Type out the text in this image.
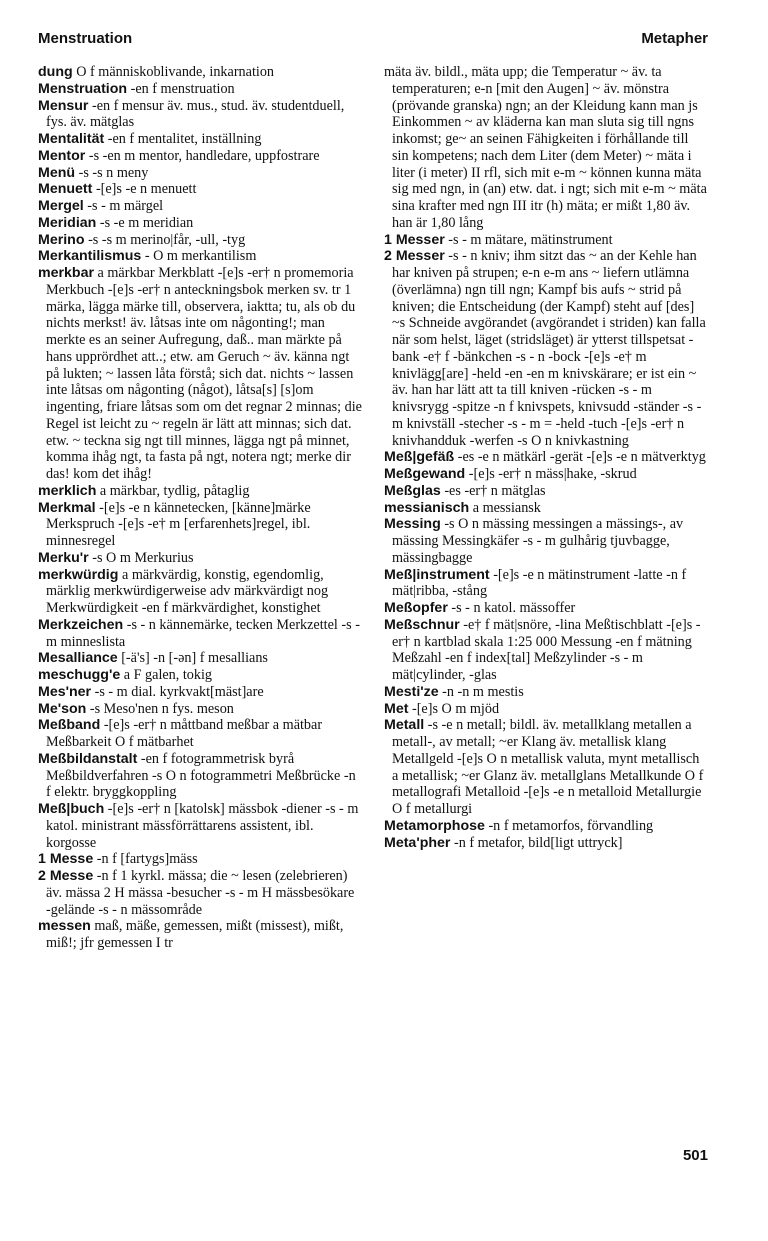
Menstruation	Metapher

dung O f människoblivande, inkarnation

Menstruation -en f menstruation

Mensur -en f mensur äv. mus., stud. äv. studentduell, fys. äv. mätglas

Mentalität -en f mentalitet, inställning

Mentor -s -en m mentor, handledare, uppfostrare

Menü -s -s n meny

Menuett -[e]s -e n menuett

Mergel -s - m märgel

Meridian -s -e m meridian

Merino -s -s m merino|får, -ull, -tyg

Merkantilismus - O m merkantilism

merkbar a märkbar Merkblatt -[e]s -er† n promemoria Merkbuch -[e]s -er† n anteckningsbok merken sv. tr 1 märka, lägga märke till, observera, iaktta; tu, als ob du nichts merkst! äv. låtsas inte om någonting!; man merkte es an seiner Aufregung, daß.. man märkte på hans upprördhet att..; etw. am Geruch ~ äv. känna ngt på lukten; ~ lassen låta förstå; sich dat. nichts ~ lassen inte låtsas om någonting (något), låtsa[s] [s]om ingenting, friare låtsas som om det regnar 2 minnas; die Regel ist leicht zu ~ regeln är lätt att minnas; sich dat. etw. ~ teckna sig ngt till minnes, lägga ngt på minnet, komma ihåg ngt, ta fasta på ngt, notera ngt; merke dir das! kom det ihåg!

merklich a märkbar, tydlig, påtaglig

Merkmal -[e]s -e n kännetecken, [känne]märke Merkspruch -[e]s -e† m [erfarenhets]regel, ibl. minnesregel

Merku'r -s O m Merkurius

merkwürdig a märkvärdig, konstig, egendomlig, märklig merkwürdigerweise adv märkvärdigt nog Merkwürdigkeit -en f märkvärdighet, konstighet

Merkzeichen -s - n kännemärke, tecken Merkzettel -s - m minneslista

Mesalliance [-ä's] -n [-ən] f mesallians

meschugg'e a F galen, tokig

Mes'ner -s - m dial. kyrkvakt[mäst]are

Me'son -s Meso'nen n fys. meson

Meßband -[e]s -er† n måttband meßbar a mätbar Meßbarkeit O f mätbarhet

Meßbildanstalt -en f fotogrammetrisk byrå Meßbildverfahren -s O n fotogrammetri Meßbrücke -n f elektr. bryggkoppling

Meß|buch -[e]s -er† n [katolsk] mässbok -diener -s - m katol. ministrant mässförrättarens assistent, ibl. korgosse

1 Messe -n f [fartygs]mäss

2 Messe -n f 1 kyrkl. mässa; die ~ lesen (zelebrieren) äv. mässa 2 H mässa -besucher -s - m H mässbesökare -gelände -s - n mässområde

messen maß, mäße, gemessen, mißt (missest), mißt, miß!; jfr gemessen I tr

mäta äv. bildl., mäta upp; die Temperatur ~ äv. ta temperaturen; e-n [mit den Augen] ~ äv. mönstra (prövande granska) ngn; an der Kleidung kann man js Einkommen ~ av kläderna kan man sluta sig till ngns inkomst; ge~ an seinen Fähigkeiten i förhållande till sin kompetens; nach dem Liter (dem Meter) ~ mäta i liter (i meter) II rfl, sich mit e-m ~ können kunna mäta sig med ngn, in (an) etw. dat. i ngt; sich mit e-m ~ mäta sina krafter med ngn III itr (h) mäta; er mißt 1,80 äv. han är 1,80 lång

1 Messer -s - m mätare, mätinstrument

2 Messer -s - n kniv; ihm sitzt das ~ an der Kehle han har kniven på strupen; e-n e-m ans ~ liefern utlämna (överlämna) ngn till ngn; Kampf bis aufs ~ strid på kniven; die Entscheidung (der Kampf) steht auf [des] ~s Schneide avgörandet (avgörandet i striden) kan falla när som helst, läget (stridsläget) är ytterst tillspetsat -bank -e† f -bänkchen -s - n -bock -[e]s -e† m knivlägg[are] -held -en -en m knivskärare; er ist ein ~ äv. han har lätt att ta till kniven -rücken -s - m knivsrygg -spitze -n f knivspets, knivsudd -ständer -s - m knivställ -stecher -s - m = -held -tuch -[e]s -er† n knivhandduk -werfen -s O n knivkastning

Meß|gefäß -es -e n mätkärl -gerät -[e]s -e n mätverktyg

Meßgewand -[e]s -er† n mäss|hake, -skrud

Meßglas -es -er† n mätglas

messianisch a messiansk

Messing -s O n mässing messingen a mässings-, av mässing Messingkäfer -s - m gulhårig tjuvbagge, mässingbagge

Meß|instrument -[e]s -e n mätinstrument -latte -n f mät|ribba, -stång

Meßopfer -s - n katol. mässoffer

Meßschnur -e† f mät|snöre, -lina Meßtischblatt -[e]s -er† n kartblad skala 1:25 000 Messung -en f mätning Meßzahl -en f index[tal] Meßzylinder -s - m mät|cylinder, -glas

Mesti'ze -n -n m mestis

Met -[e]s O m mjöd

Metall -s -e n metall; bildl. äv. metallklang metallen a metall-, av metall; ~er Klang äv. metallisk klang Metallgeld -[e]s O n metallisk valuta, mynt metallisch a metallisk; ~er Glanz äv. metallglans Metallkunde O f metallografi Metalloid -[e]s -e n metalloid Metallurgie O f metallurgi

Metamorphose -n f metamorfos, förvandling

Meta'pher -n f metafor, bild[ligt uttryck]

501
